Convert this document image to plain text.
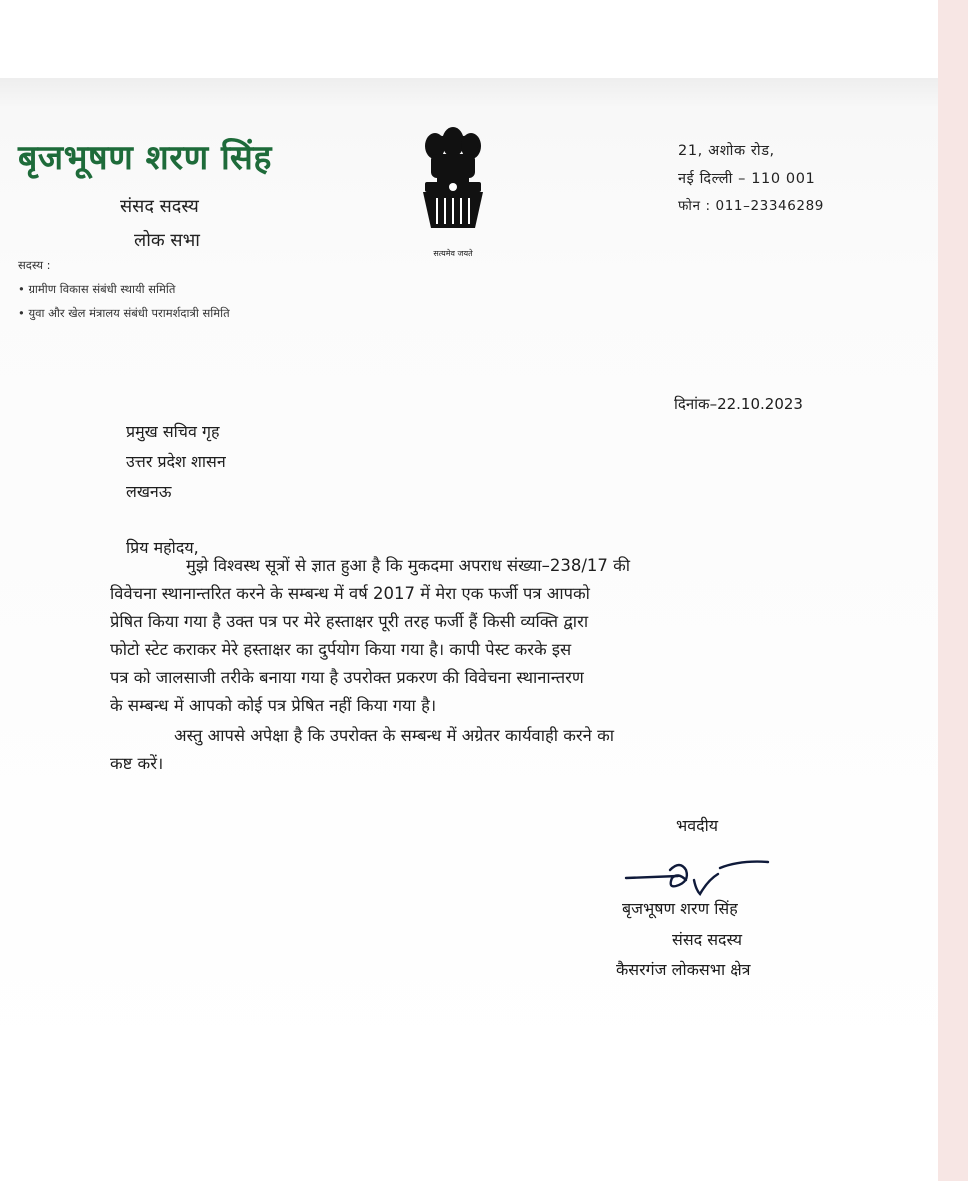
बृजभूषण शरण सिंह
संसद सदस्य
लोक सभा
सदस्य :
• ग्रामीण विकास संबंधी स्थायी समिति
• युवा और खेल मंत्रालय संबंधी परामर्शदात्री समिति
सत्यमेव जयते
21, अशोक रोड,
नई दिल्ली – 110 001
फोन : 011–23346289
दिनांक–22.10.2023
प्रमुख सचिव गृह
उत्तर प्रदेश शासन
लखनऊ
प्रिय महोदय,
मुझे विश्वस्थ सूत्रों से ज्ञात हुआ है कि मुकदमा अपराध संख्या–238/17 की
विवेचना स्थानान्तरित करने के सम्बन्ध में वर्ष 2017 में मेरा एक फर्जी पत्र आपको
प्रेषित किया गया है उक्त पत्र पर मेरे हस्ताक्षर पूरी तरह फर्जी हैं किसी व्यक्ति द्वारा
फोटो स्टेट कराकर मेरे हस्ताक्षर का दुर्पयोग किया गया है। कापी पेस्ट करके इस
पत्र को जालसाजी तरीके बनाया गया है उपरोक्त प्रकरण की विवेचना स्थानान्तरण
के सम्बन्ध में आपको कोई पत्र प्रेषित नहीं किया गया है।
अस्तु आपसे अपेक्षा है कि उपरोक्त के सम्बन्ध में अग्रेतर कार्यवाही करने का
कष्ट करें।
भवदीय
बृजभूषण शरण सिंह
संसद सदस्य
कैसरगंज लोकसभा क्षेत्र
